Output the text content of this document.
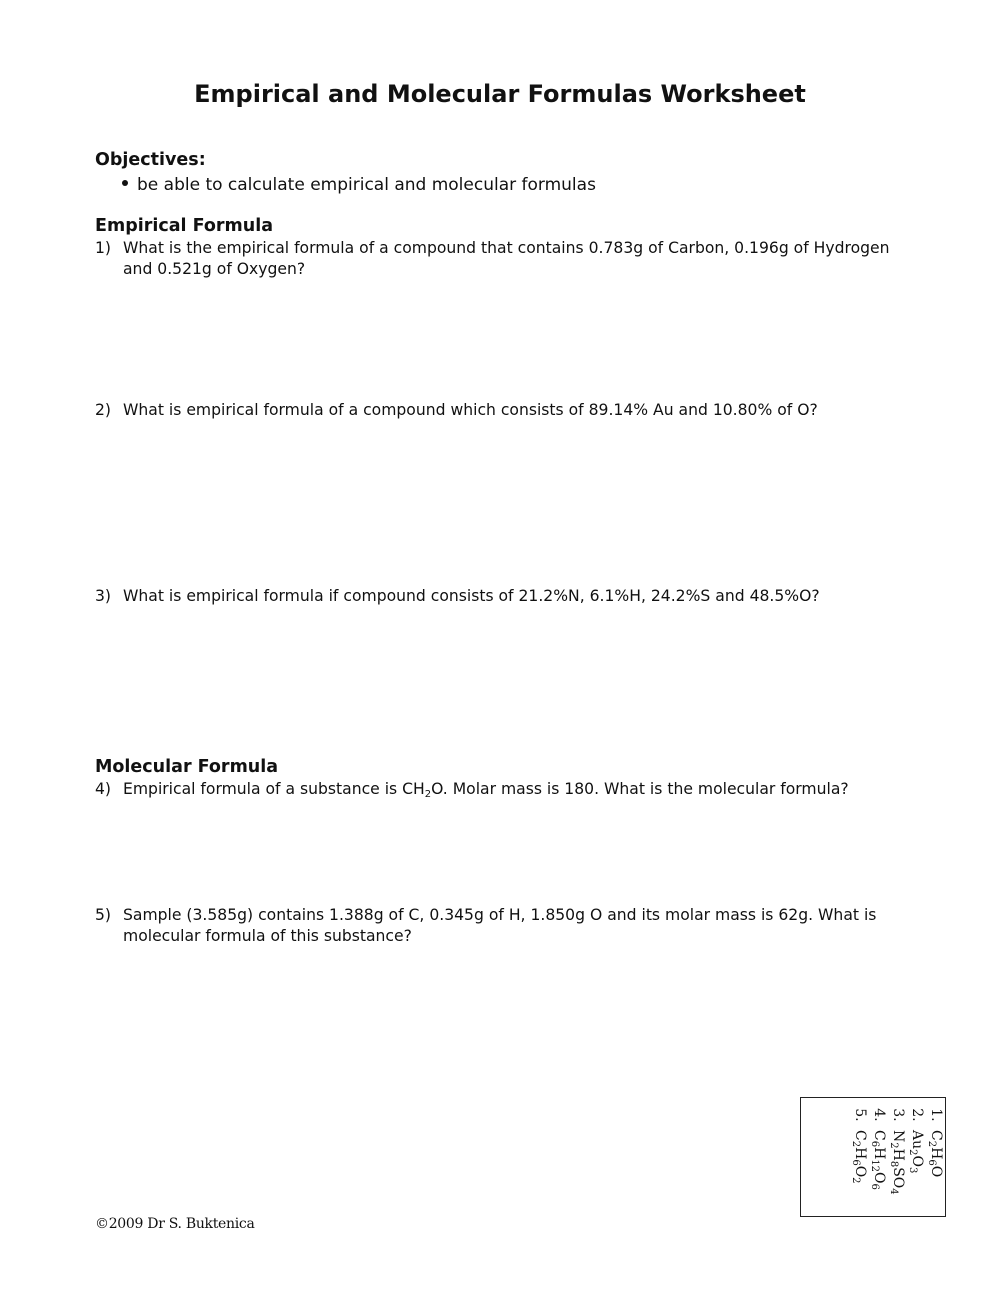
Empirical and Molecular Formulas Worksheet
Objectives:
be able to calculate empirical and molecular formulas
Empirical Formula
1) What is the empirical formula of a compound that contains 0.783g of Carbon, 0.196g of Hydrogen and 0.521g of Oxygen?
2) What is empirical formula of a compound which consists of 89.14% Au and 10.80% of O?
3) What is empirical formula if compound consists of 21.2%N, 6.1%H, 24.2%S and 48.5%O?
Molecular Formula
4) Empirical formula of a substance is $CH_2O$. Molar mass is 180. What is the molecular formula?
5) Sample (3.585g) contains 1.388g of C, 0.345g of H, 1.850g O and its molar mass is 62g. What is molecular formula of this substance?
1. $C_2H_6O$
2. $Au_2O_3$
3. $N_2H_8SO_4$
4. $C_6H_{12}O_6$
5. $C_2H_6O_2$
©2009 Dr S. Buktenica
